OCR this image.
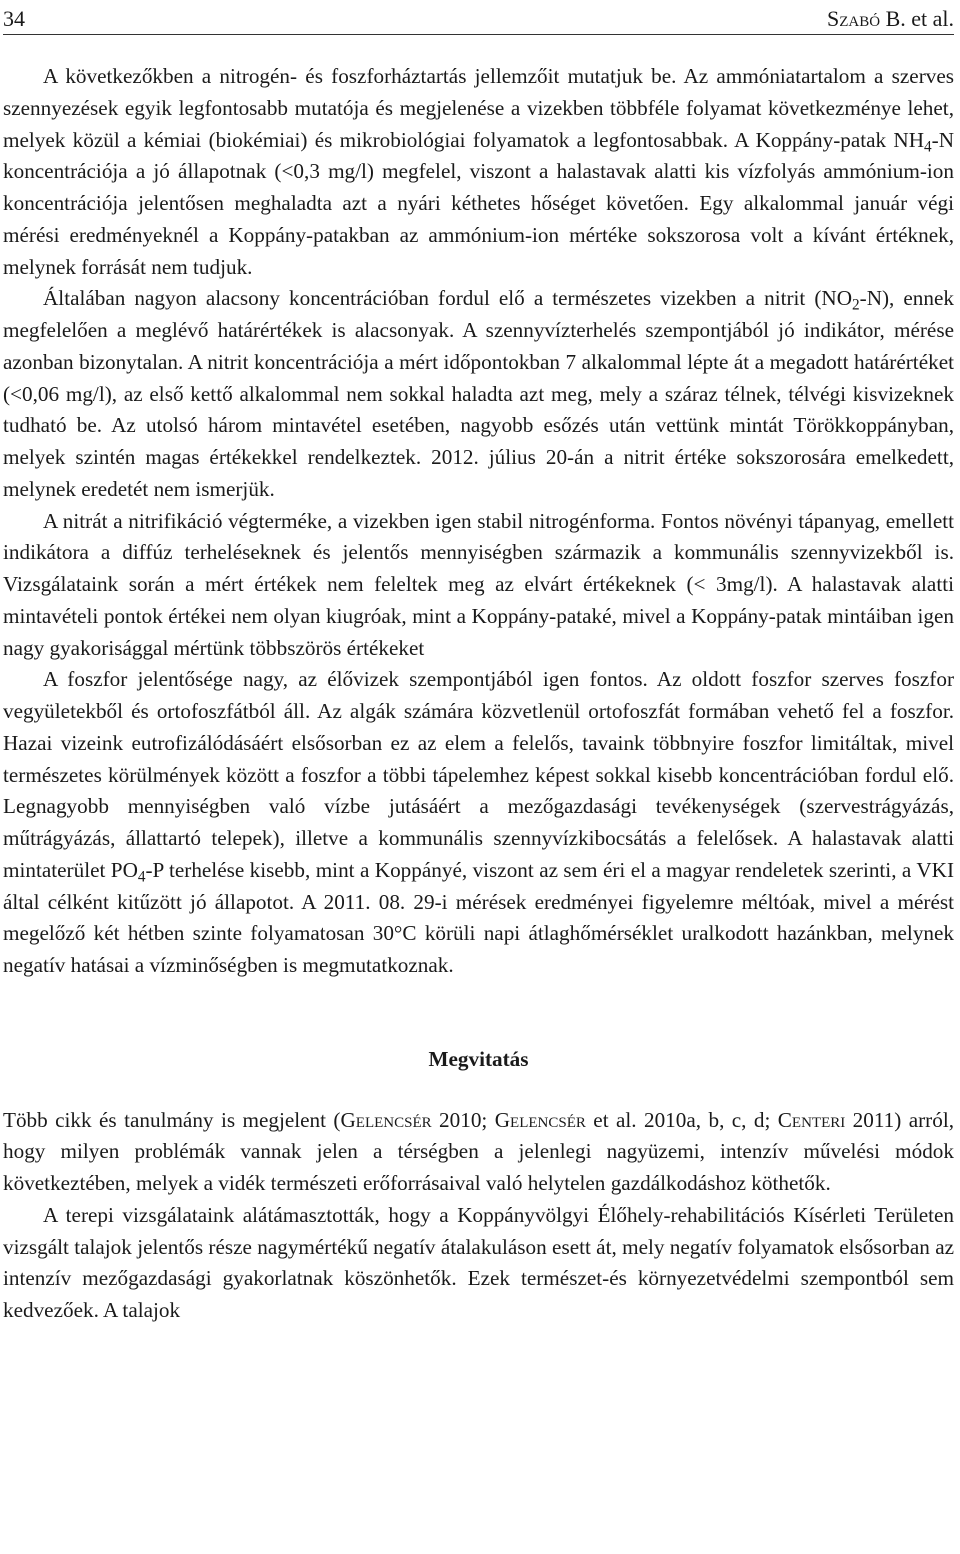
34	Szabó B. et al.

A következőkben a nitrogén- és foszforháztartás jellemzőit mutatjuk be. Az ammóniatartalom a szerves szennyezések egyik legfontosabb mutatója és megjelenése a vizekben többféle folyamat következménye lehet, melyek közül a kémiai (biokémiai) és mikrobiológiai folyamatok a legfontosabbak. A Koppány-patak $NH_4-N$ koncentrációja a jó állapotnak (<0,3 mg/l) megfelel, viszont a halastavak alatti kis vízfolyás ammónium-ion koncentrációja jelentősen meghaladta azt a nyári kéthetes hőséget követően. Egy alkalommal január végi mérési eredményeknél a Koppány-patakban az ammónium-ion mértéke sokszorosa volt a kívánt értéknek, melynek forrását nem tudjuk.

Általában nagyon alacsony koncentrációban fordul elő a természetes vizekben a nitrit $(NO_2-N)$, ennek megfelelően a meglévő határértékek is alacsonyak. A szennyvízterhelés szempontjából jó indikátor, mérése azonban bizonytalan. A nitrit koncentrációja a mért időpontokban 7 alkalommal lépte át a megadott határértéket (<0,06 mg/l), az első kettő alkalommal nem sokkal haladta azt meg, mely a száraz télnek, télvégi kisvizeknek tudható be. Az utolsó három mintavétel esetében, nagyobb esőzés után vettünk mintát Törökkoppányban, melyek szintén magas értékekkel rendelkeztek. 2012. július 20-án a nitrit értéke sokszorosára emelkedett, melynek eredetét nem ismerjük.

A nitrát a nitrifikáció végterméke, a vizekben igen stabil nitrogénforma. Fontos növényi tápanyag, emellett indikátora a diffúz terheléseknek és jelentős mennyiségben származik a kommunális szennyvizekből is. Vizsgálataink során a mért értékek nem feleltek meg az elvárt értékeknek (< 3mg/l). A halastavak alatti mintavételi pontok értékei nem olyan kiugróak, mint a Koppány-pataké, mivel a Koppány-patak mintáiban igen nagy gyakorisággal mértünk többszörös értékeket

A foszfor jelentősége nagy, az élővizek szempontjából igen fontos. Az oldott foszfor szerves foszfor vegyületekből és ortofoszfátból áll. Az algák számára közvetlenül ortofoszfát formában vehető fel a foszfor. Hazai vizeink eutrofizálódásáért elsősorban ez az elem a felelős, tavaink többnyire foszfor limitáltak, mivel természetes körülmények között a foszfor a többi tápelemhez képest sokkal kisebb koncentrációban fordul elő. Legnagyobb mennyiségben való vízbe jutásáért a mezőgazdasági tevékenységek (szervestrágyázás, műtrágyázás, állattartó telepek), illetve a kommunális szennyvízkibocsátás a felelősek. A halastavak alatti mintaterület $PO_4-P$ terhelése kisebb, mint a Koppányé, viszont az sem éri el a magyar rendeletek szerinti, a VKI által célként kitűzött jó állapotot. A 2011. 08. 29-i mérések eredményei figyelemre méltóak, mivel a mérést megelőző két hétben szinte folyamatosan 30°C körüli napi átlaghőmérséklet uralkodott hazánkban, melynek negatív hatásai a vízminőségben is megmutatkoznak.

Megvitatás

Több cikk és tanulmány is megjelent (Gelencsér 2010; Gelencsér et al. 2010a, b, c, d; Centeri 2011) arról, hogy milyen problémák vannak jelen a térségben a jelenlegi nagyüzemi, intenzív művelési módok következtében, melyek a vidék természeti erőforrásaival való helytelen gazdálkodáshoz köthetők.

A terepi vizsgálataink alátámasztották, hogy a Koppányvölgyi Élőhely-rehabilitációs Kísérleti Területen vizsgált talajok jelentős része nagymértékű negatív átalakuláson esett át, mely negatív folyamatok elsősorban az intenzív mezőgazdasági gyakorlatnak köszönhetők. Ezek természet-és környezetvédelmi szempontból sem kedvezőek. A talajok
